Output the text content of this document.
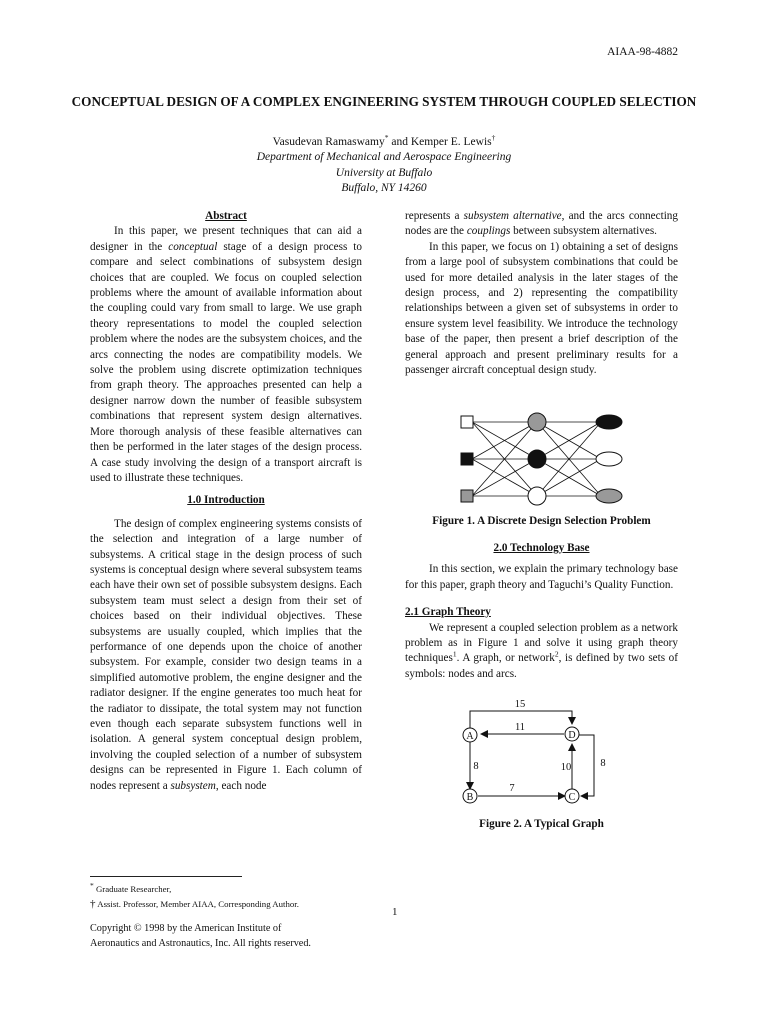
AIAA-98-4882
CONCEPTUAL DESIGN OF A COMPLEX ENGINEERING SYSTEM THROUGH COUPLED SELECTION
Vasudevan Ramaswamy* and Kemper E. Lewis†
Department of Mechanical and Aerospace Engineering
University at Buffalo
Buffalo, NY 14260

Abstract

In this paper, we present techniques that can aid a designer in the conceptual stage of a design process to compare and select combinations of subsystem design choices that are coupled. We focus on coupled selection problems where the amount of available information about the coupling could vary from small to large. We use graph theory representations to model the coupled selection problem where the nodes are the subsystem choices, and the arcs connecting the nodes are compatibility models. We solve the problem using discrete optimization techniques from graph theory. The approaches presented can help a designer narrow down the number of feasible subsystem combinations that represent system design alternatives. More thorough analysis of these feasible alternatives can then be performed in the later stages of the design process. A case study involving the design of a transport aircraft is used to illustrate these techniques.

1.0 Introduction

The design of complex engineering systems consists of the selection and integration of a large number of subsystems. A critical stage in the design process of such systems is conceptual design where several subsystem teams each have their own set of possible subsystem designs. Each subsystem team must select a design from their set of choices based on their individual objectives. These subsystems are usually coupled, which implies that the performance of one depends upon the choice of another subsystem. For example, consider two design teams in a simplified automotive problem, the engine designer and the radiator designer. If the engine generates too much heat for the radiator to dissipate, the total system may not function even though each separate subsystem functions well in isolation. A general system conceptual design problem, involving the coupled selection of a number of subsystem designs can be represented in Figure 1. Each column of nodes represent a subsystem, each node

represents a subsystem alternative, and the arcs connecting nodes are the couplings between subsystem alternatives.

In this paper, we focus on 1) obtaining a set of designs from a large pool of subsystem combinations that could be used for more detailed analysis in the later stages of the design process, and 2) representing the compatibility relationships between a given set of subsystems in order to ensure system level feasibility. We introduce the technology base of the paper, then present a brief description of the general approach and present preliminary results for a passenger aircraft conceptual design study.

Figure 1. A Discrete Design Selection Problem

2.0 Technology Base

In this section, we explain the primary technology base for this paper, graph theory and Taguchi’s Quality Function.

2.1 Graph Theory

We represent a coupled selection problem as a network problem as in Figure 1 and solve it using graph theory techniques$^1$. A graph, or network$^2$, is defined by two sets of symbols: nodes and arcs.

15
11
8
7
10	8
A
B	C
D
Figure 2. A Typical Graph
* Graduate Researcher,
† Assist. Professor, Member AIAA, Corresponding Author.
1
Copyright © 1998 by the American Institute of
Aeronautics and Astronautics, Inc. All rights reserved.
